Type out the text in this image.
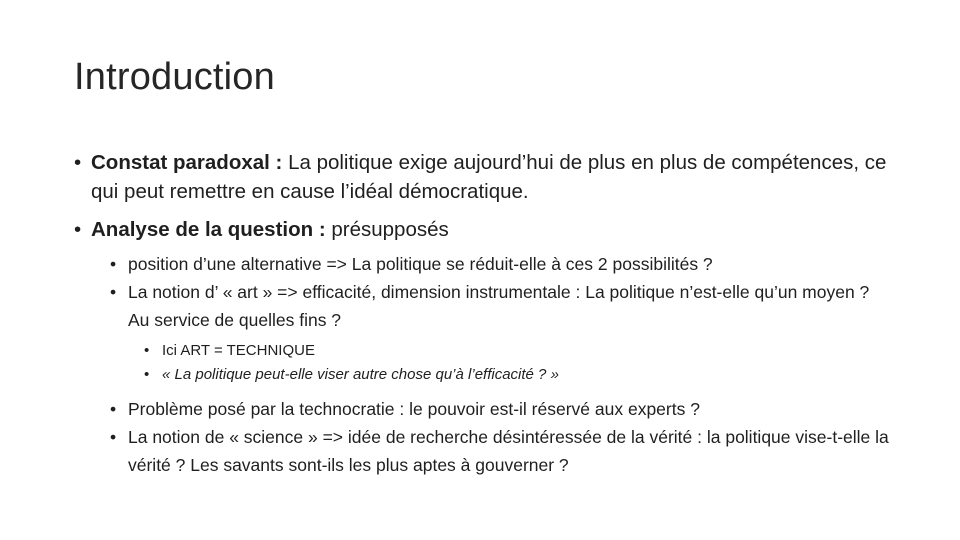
Introduction

• Constat paradoxal : La politique exige aujourd’hui de plus en plus de compétences, ce qui peut remettre en cause l’idéal démocratique.

• Analyse de la question : présupposés

• position d’une alternative => La politique se réduit-elle à ces 2 possibilités ?

• La notion d’ « art » => efficacité, dimension instrumentale : La politique n’est-elle qu’un moyen ? Au service de quelles fins ?

• Ici ART = TECHNIQUE

• « La politique peut-elle viser autre chose qu’à l’efficacité ? »

• Problème posé par la technocratie : le pouvoir est-il réservé aux experts ?

• La notion de « science » => idée de recherche désintéressée de la vérité : la politique vise-t-elle la vérité ? Les savants sont-ils les plus aptes à gouverner ?
